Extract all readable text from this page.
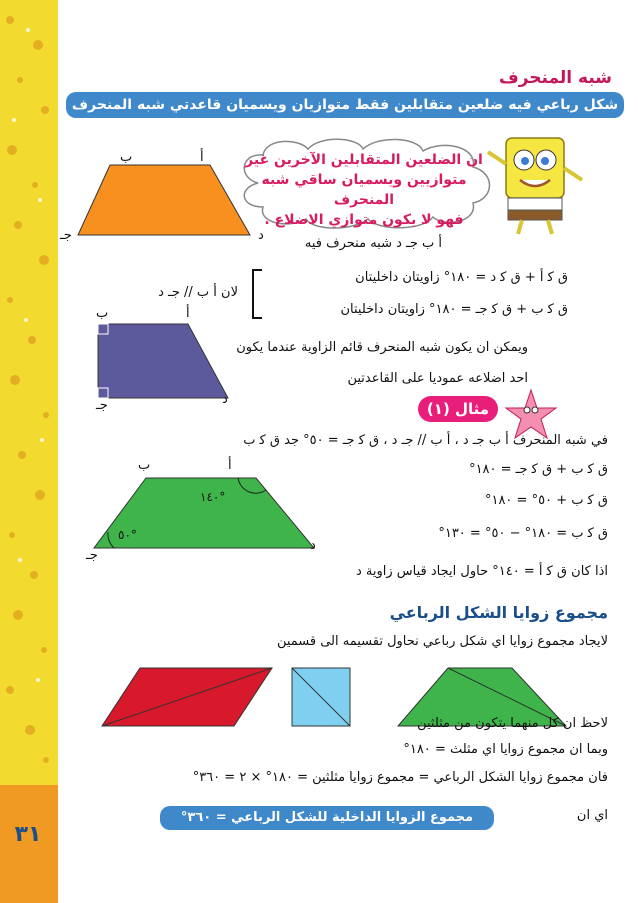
٣١
شبه المنحرف
شكل رباعي فيه ضلعين متقابلين فقط متوازيان ويسميان قاعدتي شبه المنحرف
أ
ب
جـ	د
ان الضلعين المتقابلين الآخرين غير
متوازيين ويسميان ساقي شبه المنحرف
فهو لا يكون متوازي الاضلاع .
أ ب جـ د شبه منحرف فيه
ق ﮐ أ + ق ﮐ د = ١٨٠° زاويتان داخليتان
ق ﮐ ب + ق ﮐ جـ = ١٨٠° زاويتان داخليتان
لان أ ب // جـ د
أ
ب
جـ	د
ويمكن ان يكون شبه المنحرف قائم الزاوية عندما يكون
احد اضلاعه عموديا على القاعدتين
مثال (١)
في شبه المنحرف أ ب جـ د ، أ ب // جـ د ، ق ﮐ جـ = ٥٠° جد ق ﮐ ب
ق ﮐ ب + ق ﮐ جـ = ١٨٠°
ق ﮐ ب + ٥٠° = ١٨٠°
ق ﮐ ب = ١٨٠° − ٥٠° = ١٣٠°
اذا كان ق ﮐ أ = ١٤٠° حاول ايجاد قياس زاوية د
أ
ب
جـ
د
١٤٠°
٥٠°
مجموع زوايا الشكل الرباعي
لايجاد مجموع زوايا اي شكل رباعي نحاول تقسيمه الى قسمين
لاحظ ان كل منهما يتكون من مثلثين
وبما ان مجموع زوايا اي مثلث = ١٨٠°
فان مجموع زوايا الشكل الرباعي = مجموع زوايا مثلثين = ١٨٠° × ٢ = ٣٦٠°
اي ان
مجموع الزوايا الداخلية للشكل الرباعي = ٣٦٠°
